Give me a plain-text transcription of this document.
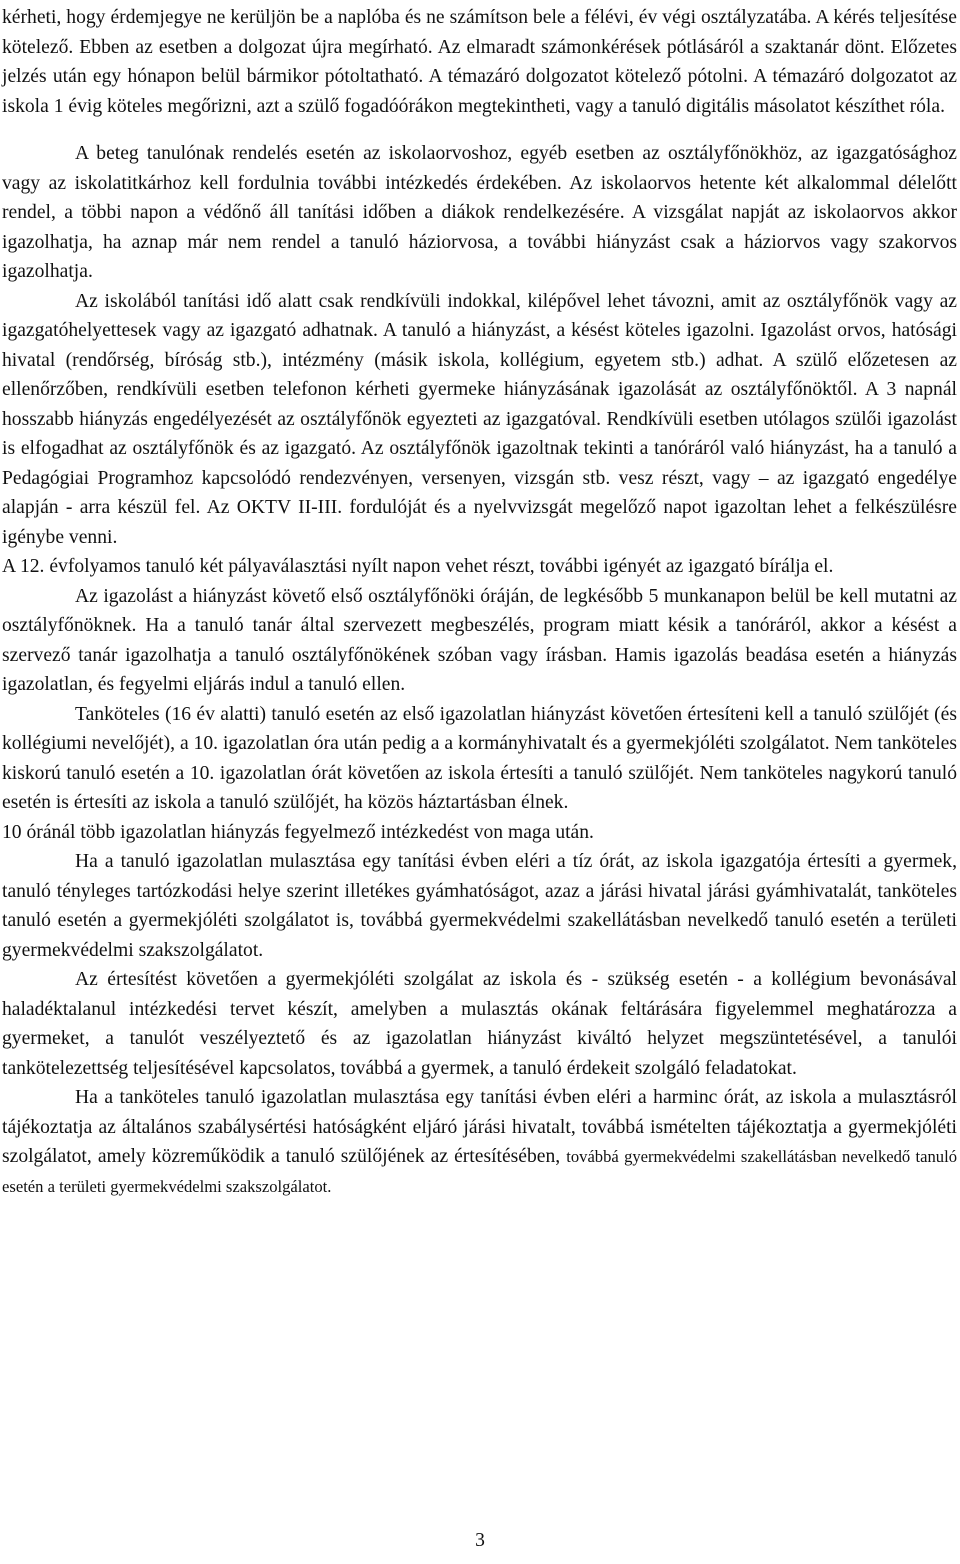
kérheti, hogy érdemjegye ne kerüljön be a naplóba és ne számítson bele a félévi, év végi osztályzatába. A kérés teljesítése kötelező. Ebben az esetben a dolgozat újra megírható. Az elmaradt számonkérések pótlásáról a szaktanár dönt. Előzetes jelzés után egy hónapon belül bármikor pótoltatható. A témazáró dolgozatot kötelező pótolni. A témazáró dolgozatot az iskola 1 évig köteles megőrizni, azt a szülő fogadóórákon megtekintheti, vagy a tanuló digitális másolatot készíthet róla.

A beteg tanulónak rendelés esetén az iskolaorvoshoz, egyéb esetben az osztályfőnökhöz, az igazgatósághoz vagy az iskolatitkárhoz kell fordulnia további intézkedés érdekében. Az iskolaorvos hetente két alkalommal délelőtt rendel, a többi napon a védőnő áll tanítási időben a diákok rendelkezésére. A vizsgálat napját az iskolaorvos akkor igazolhatja, ha aznap már nem rendel a tanuló háziorvosa, a további hiányzást csak a háziorvos vagy szakorvos igazolhatja.

Az iskolából tanítási idő alatt csak rendkívüli indokkal, kilépővel lehet távozni, amit az osztályfőnök vagy az igazgatóhelyettesek vagy az igazgató adhatnak. A tanuló a hiányzást, a késést köteles igazolni. Igazolást orvos, hatósági hivatal (rendőrség, bíróság stb.), intézmény (másik iskola, kollégium, egyetem stb.) adhat. A szülő előzetesen az ellenőrzőben, rendkívüli esetben telefonon kérheti gyermeke hiányzásának igazolását az osztályfőnöktől. A 3 napnál hosszabb hiányzás engedélyezését az osztályfőnök egyezteti az igazgatóval. Rendkívüli esetben utólagos szülői igazolást is elfogadhat az osztályfőnök és az igazgató. Az osztályfőnök igazoltnak tekinti a tanóráról való hiányzást, ha a tanuló a Pedagógiai Programhoz kapcsolódó rendezvényen, versenyen, vizsgán stb. vesz részt, vagy – az igazgató engedélye alapján - arra készül fel. Az OKTV II-III. fordulóját és a nyelvvizsgát megelőző napot igazoltan lehet a felkészülésre igénybe venni.

A 12. évfolyamos tanuló két pályaválasztási nyílt napon vehet részt, további igényét az igazgató bírálja el.

Az igazolást a hiányzást követő első osztályfőnöki óráján, de legkésőbb 5 munkanapon belül be kell mutatni az osztályfőnöknek. Ha a tanuló tanár által szervezett megbeszélés, program miatt késik a tanóráról, akkor a késést a szervező tanár igazolhatja a tanuló osztályfőnökének szóban vagy írásban. Hamis igazolás beadása esetén a hiányzás igazolatlan, és fegyelmi eljárás indul a tanuló ellen.

Tanköteles (16 év alatti) tanuló esetén az első igazolatlan hiányzást követően értesíteni kell a tanuló szülőjét (és kollégiumi nevelőjét), a 10. igazolatlan óra után pedig a a kormányhivatalt és a gyermekjóléti szolgálatot. Nem tanköteles kiskorú tanuló esetén a 10. igazolatlan órát követően az iskola értesíti a tanuló szülőjét. Nem tanköteles nagykorú tanuló esetén is értesíti az iskola a tanuló szülőjét, ha közös háztartásban élnek.

10 óránál több igazolatlan hiányzás fegyelmező intézkedést von maga után.

Ha a tanuló igazolatlan mulasztása egy tanítási évben eléri a tíz órát, az iskola igazgatója értesíti a gyermek, tanuló tényleges tartózkodási helye szerint illetékes gyámhatóságot, azaz a járási hivatal járási gyámhivatalát, tanköteles tanuló esetén a gyermekjóléti szolgálatot is, továbbá gyermekvédelmi szakellátásban nevelkedő tanuló esetén a területi gyermekvédelmi szakszolgálatot.

Az értesítést követően a gyermekjóléti szolgálat az iskola és - szükség esetén - a kollégium bevonásával haladéktalanul intézkedési tervet készít, amelyben a mulasztás okának feltárására figyelemmel meghatározza a gyermeket, a tanulót veszélyeztető és az igazolatlan hiányzást kiváltó helyzet megszüntetésével, a tanulói tankötelezettség teljesítésével kapcsolatos, továbbá a gyermek, a tanuló érdekeit szolgáló feladatokat.

Ha a tanköteles tanuló igazolatlan mulasztása egy tanítási évben eléri a harminc órát, az iskola a mulasztásról tájékoztatja az általános szabálysértési hatóságként eljáró járási hivatalt, továbbá ismételten tájékoztatja a gyermekjóléti szolgálatot, amely közreműködik a tanuló szülőjének az értesítésében, továbbá gyermekvédelmi szakellátásban nevelkedő tanuló esetén a területi gyermekvédelmi szakszolgálatot.

3
